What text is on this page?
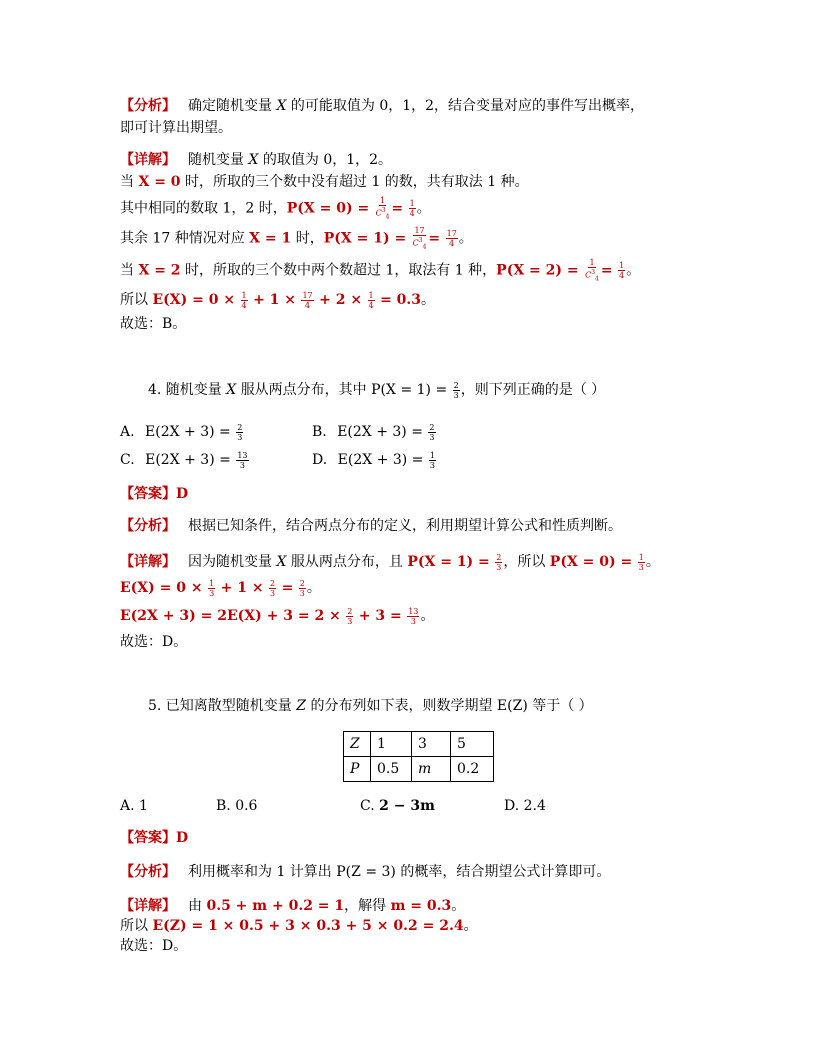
【分析】 确定随机变量 X 的可能取值为 0，1，2，结合变量对应的事件写出概率，
即可计算出期望。
【详解】 随机变量 X 的取值为 0，1，2。
当 X = 0 时，所取的三个数中没有超过 1 的数，共有取法 1 种。
其中相同的数取 1，2 时，$P(X = 0) = \frac{1}{C^3_4} = \frac{1}{4}$ 。
其余 17 种情况对应 X = 1 时，$P(X = 1) = \frac{17}{C^3_4} = \frac{17}{4}$ 。
当 X = 2 时，所取的三个数中两个数超过 1，取法有 1 种，$P(X = 2) = \frac{1}{C^3_4} = \frac{1}{4}$ 。
所以 $E(X) = 0 \times \frac{1}{4} + 1 \times \frac{17}{4} + 2 \times \frac{1}{4} = 0.3$。
故选：B。
4. 随机变量 X 服从两点分布，其中 $P(X = 1) = \frac{2}{3}$ ，则下列正确的是（ ）
A. $E(2X + 3) = \frac{2}{3}$	B. $E(2X + 3) = \frac{2}{3}$
C. $E(2X + 3) = \frac{13}{3}$	D. $E(2X + 3) = \frac{1}{3}$
【答案】D
【分析】 根据已知条件，结合两点分布的定义，利用期望计算公式和性质判断。
【详解】 因为随机变量 X 服从两点分布，且 $P(X = 1) = \frac{2}{3}$ ，所以 $P(X = 0) = \frac{1}{3}$ 。
$E(X) = 0 \times \frac{1}{3} + 1 \times \frac{2}{3} = \frac{2}{3}$ 。
$E(2X + 3) = 2E(X) + 3 = 2 \times \frac{2}{3} + 3 = \frac{13}{3}$ 。
故选：D。
5. 已知离散型随机变量 Z 的分布列如下表，则数学期望 E(Z) 等于（ ）
Z	1	3	5
P	0.5	m	0.2
A. 1	B. 0.6	C. 2 − 3m	D. 2.4
【答案】D
【分析】 利用概率和为 1 计算出 P(Z = 3) 的概率，结合期望公式计算即可。
【详解】 由 0.5 + m + 0.2 = 1，解得 m = 0.3。
所以 E(Z) = 1 × 0.5 + 3 × 0.3 + 5 × 0.2 = 2.4。
故选：D。
